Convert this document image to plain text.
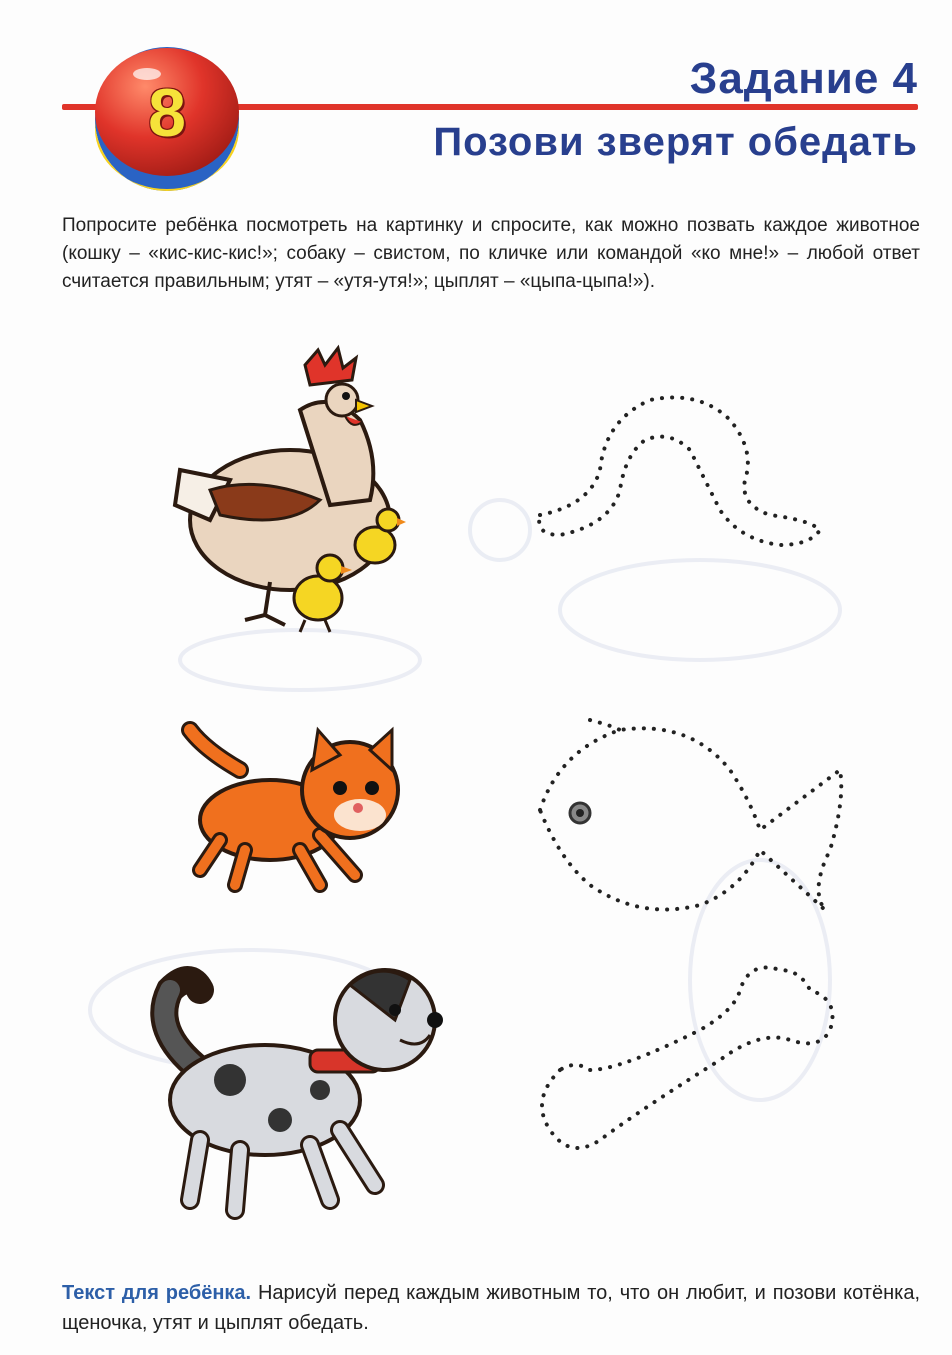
8	Задание 4
Позови зверят обедать
Попросите ребёнка посмотреть на картинку и спросите, как можно позвать каждое животное (кошку – «кис-кис-кис!»; собаку – свистом, по кличке или командой «ко мне!» – любой ответ считается правильным; утят – «утя-утя!»; цыплят – «цыпа-цыпа!»).
Текст для ребёнка. Нарисуй перед каждым животным то, что он любит, и позови котёнка, щеночка, утят и цыплят обедать.
